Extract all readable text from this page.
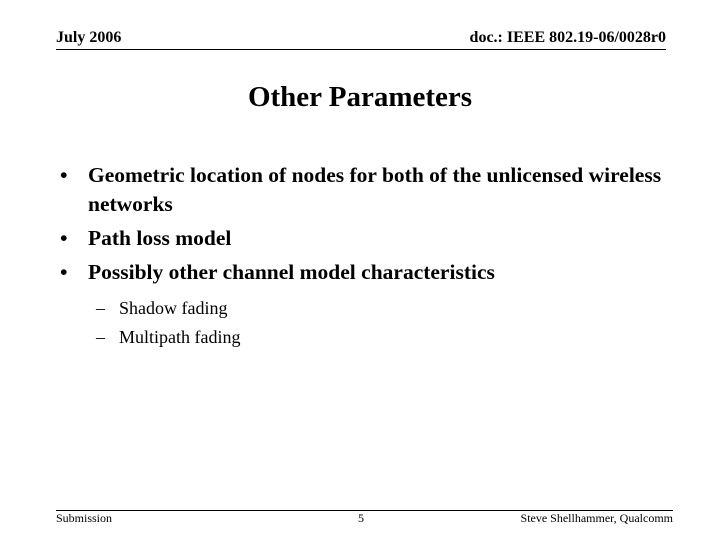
July 2006	doc.: IEEE 802.19-06/0028r0
Other Parameters
• Geometric location of nodes for both of the unlicensed wireless networks
• Path loss model
• Possibly other channel model characteristics
– Shadow fading
– Multipath fading
Submission	5	Steve Shellhammer, Qualcomm
